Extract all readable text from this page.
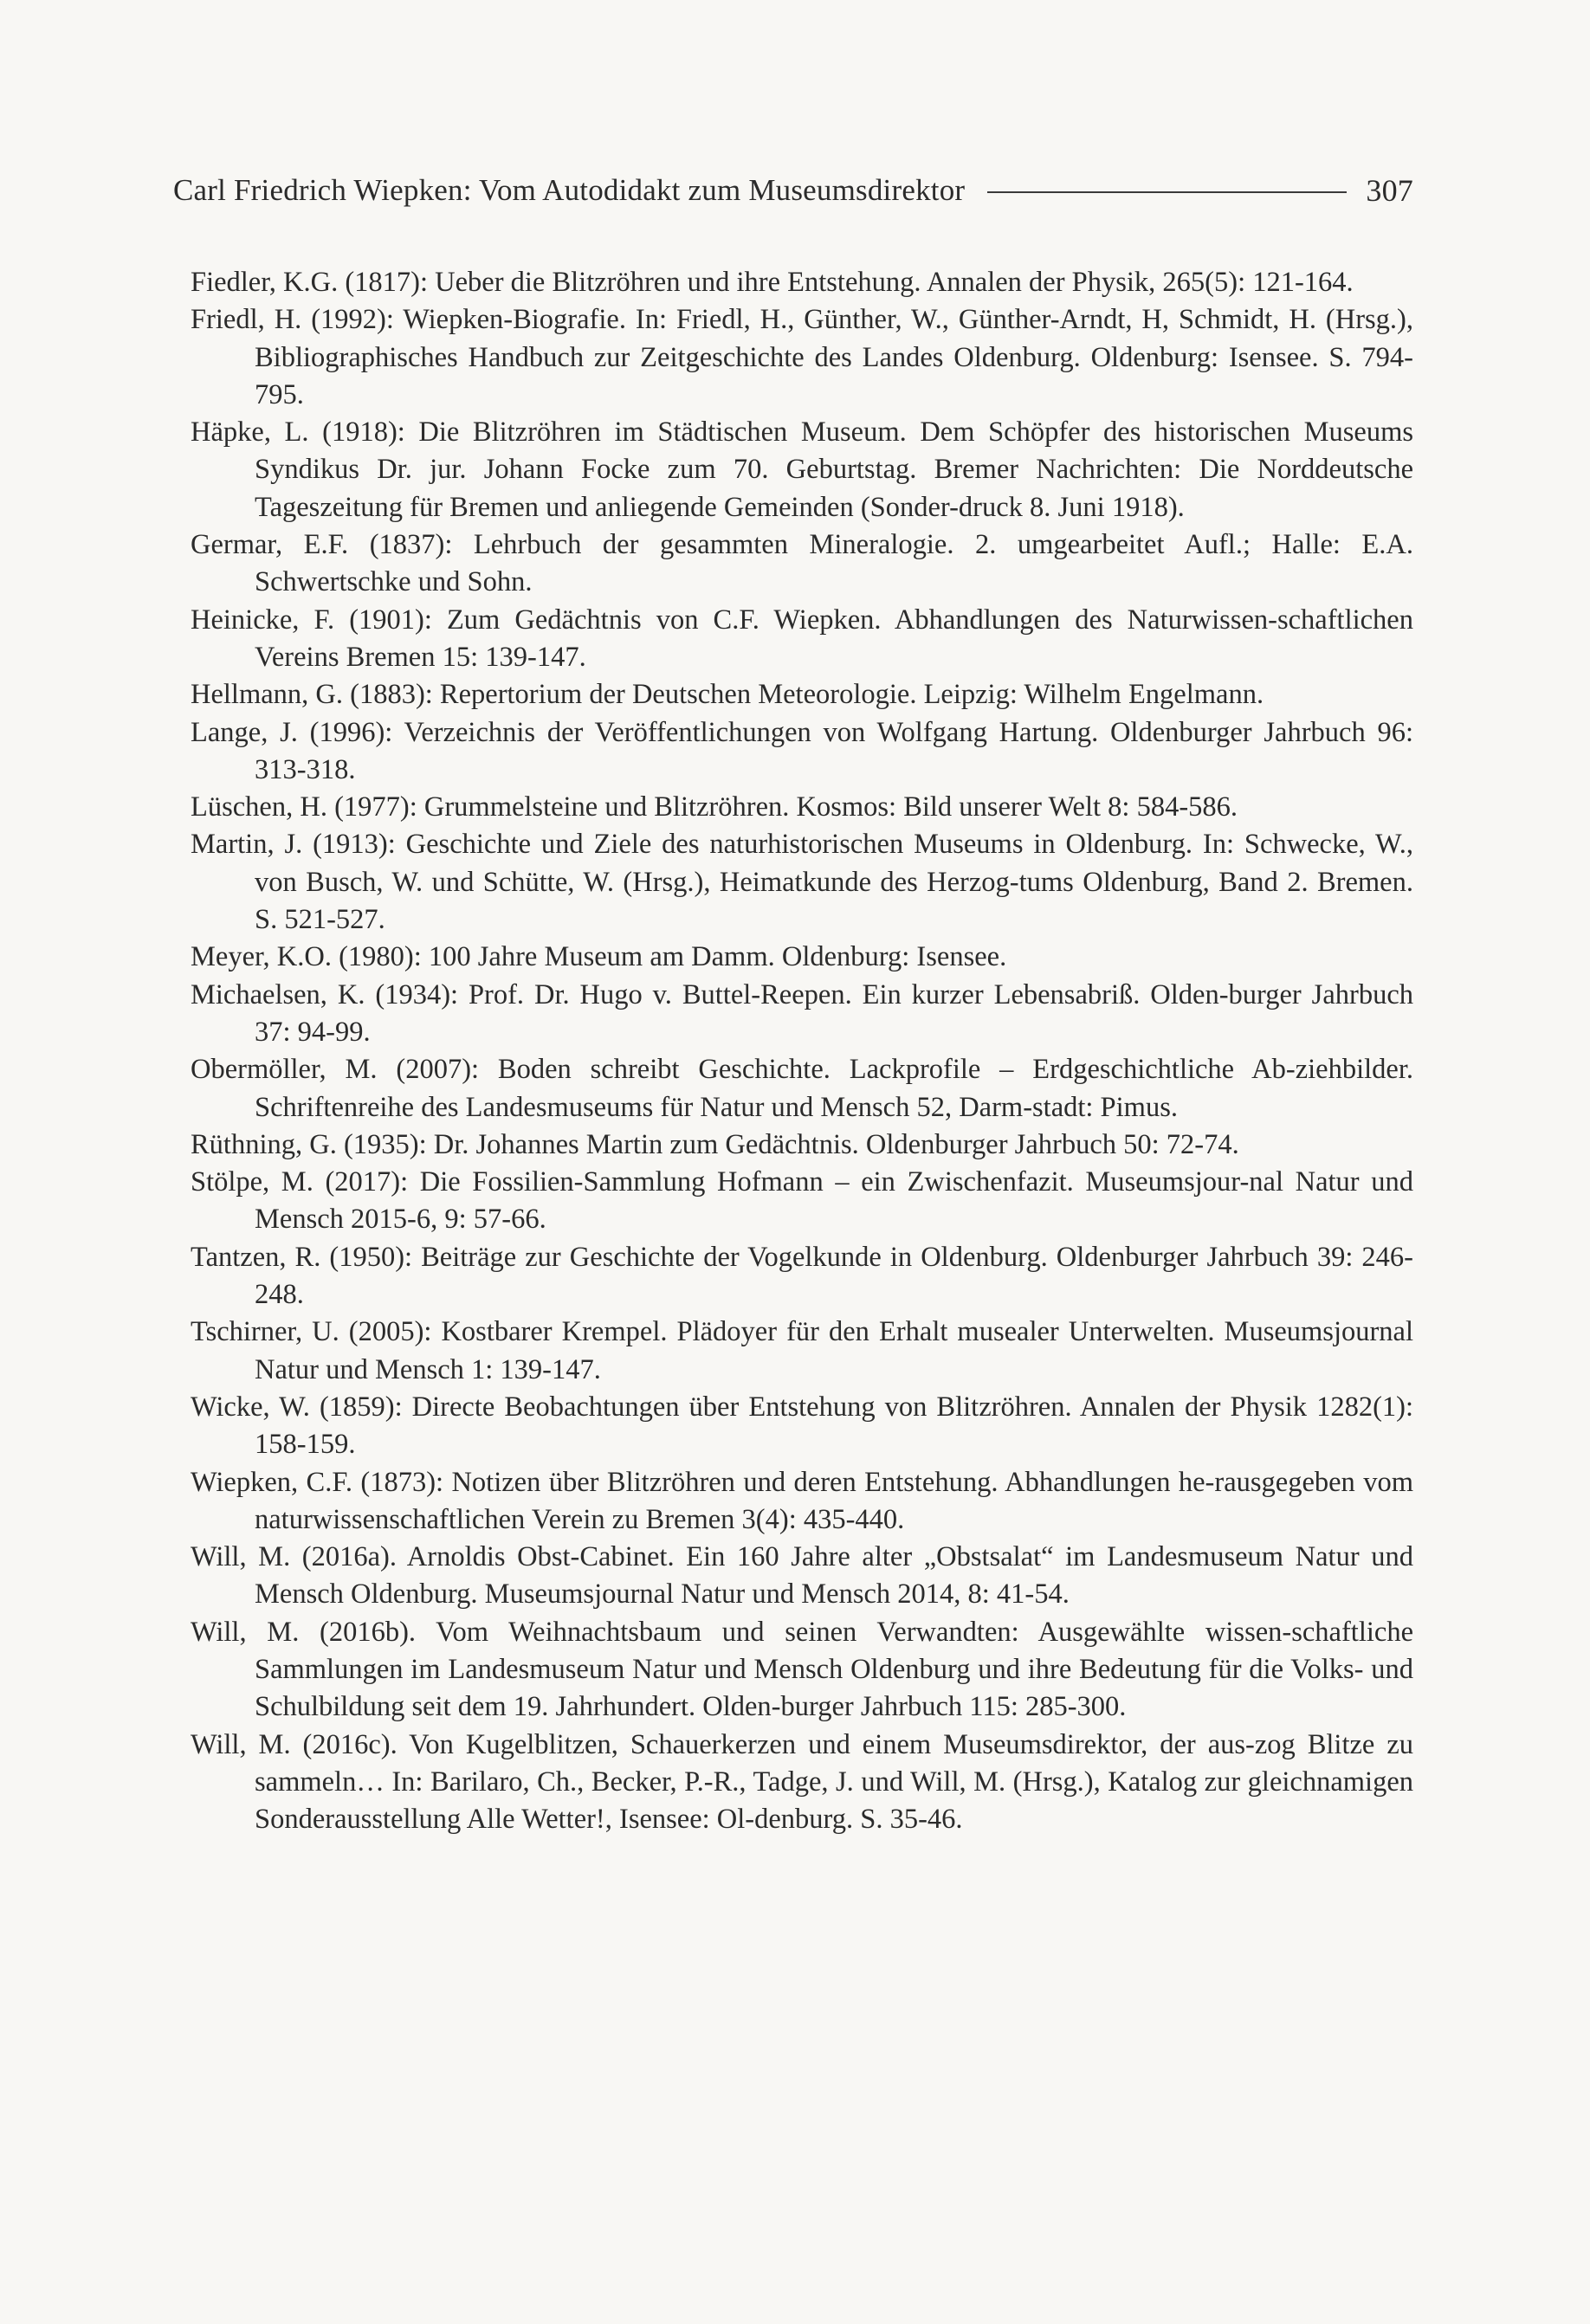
Carl Friedrich Wiepken: Vom Autodidakt zum Museumsdirektor	307

Fiedler, K.G. (1817): Ueber die Blitzröhren und ihre Entstehung. Annalen der Physik, 265(5): 121-164.

Friedl, H. (1992): Wiepken-Biografie. In: Friedl, H., Günther, W., Günther-Arndt, H, Schmidt, H. (Hrsg.), Bibliographisches Handbuch zur Zeitgeschichte des Landes Oldenburg. Oldenburg: Isensee. S. 794-795.

Häpke, L. (1918): Die Blitzröhren im Städtischen Museum. Dem Schöpfer des historischen Museums Syndikus Dr. jur. Johann Focke zum 70. Geburtstag. Bremer Nachrichten: Die Norddeutsche Tageszeitung für Bremen und anliegende Gemeinden (Sonder-druck 8. Juni 1918).

Germar, E.F. (1837): Lehrbuch der gesammten Mineralogie. 2. umgearbeitet Aufl.; Halle: E.A. Schwertschke und Sohn.

Heinicke, F. (1901): Zum Gedächtnis von C.F. Wiepken. Abhandlungen des Naturwissen-schaftlichen Vereins Bremen 15: 139-147.

Hellmann, G. (1883): Repertorium der Deutschen Meteorologie. Leipzig: Wilhelm Engelmann.

Lange, J. (1996): Verzeichnis der Veröffentlichungen von Wolfgang Hartung. Oldenburger Jahrbuch 96: 313-318.

Lüschen, H. (1977): Grummelsteine und Blitzröhren. Kosmos: Bild unserer Welt 8: 584-586.

Martin, J. (1913): Geschichte und Ziele des naturhistorischen Museums in Oldenburg. In: Schwecke, W., von Busch, W. und Schütte, W. (Hrsg.), Heimatkunde des Herzog-tums Oldenburg, Band 2. Bremen. S. 521-527.

Meyer, K.O. (1980): 100 Jahre Museum am Damm. Oldenburg: Isensee.

Michaelsen, K. (1934): Prof. Dr. Hugo v. Buttel-Reepen. Ein kurzer Lebensabriß. Olden-burger Jahrbuch 37: 94-99.

Obermöller, M. (2007): Boden schreibt Geschichte. Lackprofile – Erdgeschichtliche Ab-ziehbilder. Schriftenreihe des Landesmuseums für Natur und Mensch 52, Darm-stadt: Pimus.

Rüthning, G. (1935): Dr. Johannes Martin zum Gedächtnis. Oldenburger Jahrbuch 50: 72-74.

Stölpe, M. (2017): Die Fossilien-Sammlung Hofmann – ein Zwischenfazit. Museumsjour-nal Natur und Mensch 2015-6, 9: 57-66.

Tantzen, R. (1950): Beiträge zur Geschichte der Vogelkunde in Oldenburg. Oldenburger Jahrbuch 39: 246-248.

Tschirner, U. (2005): Kostbarer Krempel. Plädoyer für den Erhalt musealer Unterwelten. Museumsjournal Natur und Mensch 1: 139-147.

Wicke, W. (1859): Directe Beobachtungen über Entstehung von Blitzröhren. Annalen der Physik 1282(1): 158-159.

Wiepken, C.F. (1873): Notizen über Blitzröhren und deren Entstehung. Abhandlungen he-rausgegeben vom naturwissenschaftlichen Verein zu Bremen 3(4): 435-440.

Will, M. (2016a). Arnoldis Obst-Cabinet. Ein 160 Jahre alter „Obstsalat“ im Landesmuseum Natur und Mensch Oldenburg. Museumsjournal Natur und Mensch 2014, 8: 41-54.

Will, M. (2016b). Vom Weihnachtsbaum und seinen Verwandten: Ausgewählte wissen-schaftliche Sammlungen im Landesmuseum Natur und Mensch Oldenburg und ihre Bedeutung für die Volks- und Schulbildung seit dem 19. Jahrhundert. Olden-burger Jahrbuch 115: 285-300.

Will, M. (2016c). Von Kugelblitzen, Schauerkerzen und einem Museumsdirektor, der aus-zog Blitze zu sammeln… In: Barilaro, Ch., Becker, P.-R., Tadge, J. und Will, M. (Hrsg.), Katalog zur gleichnamigen Sonderausstellung Alle Wetter!, Isensee: Ol-denburg. S. 35-46.
